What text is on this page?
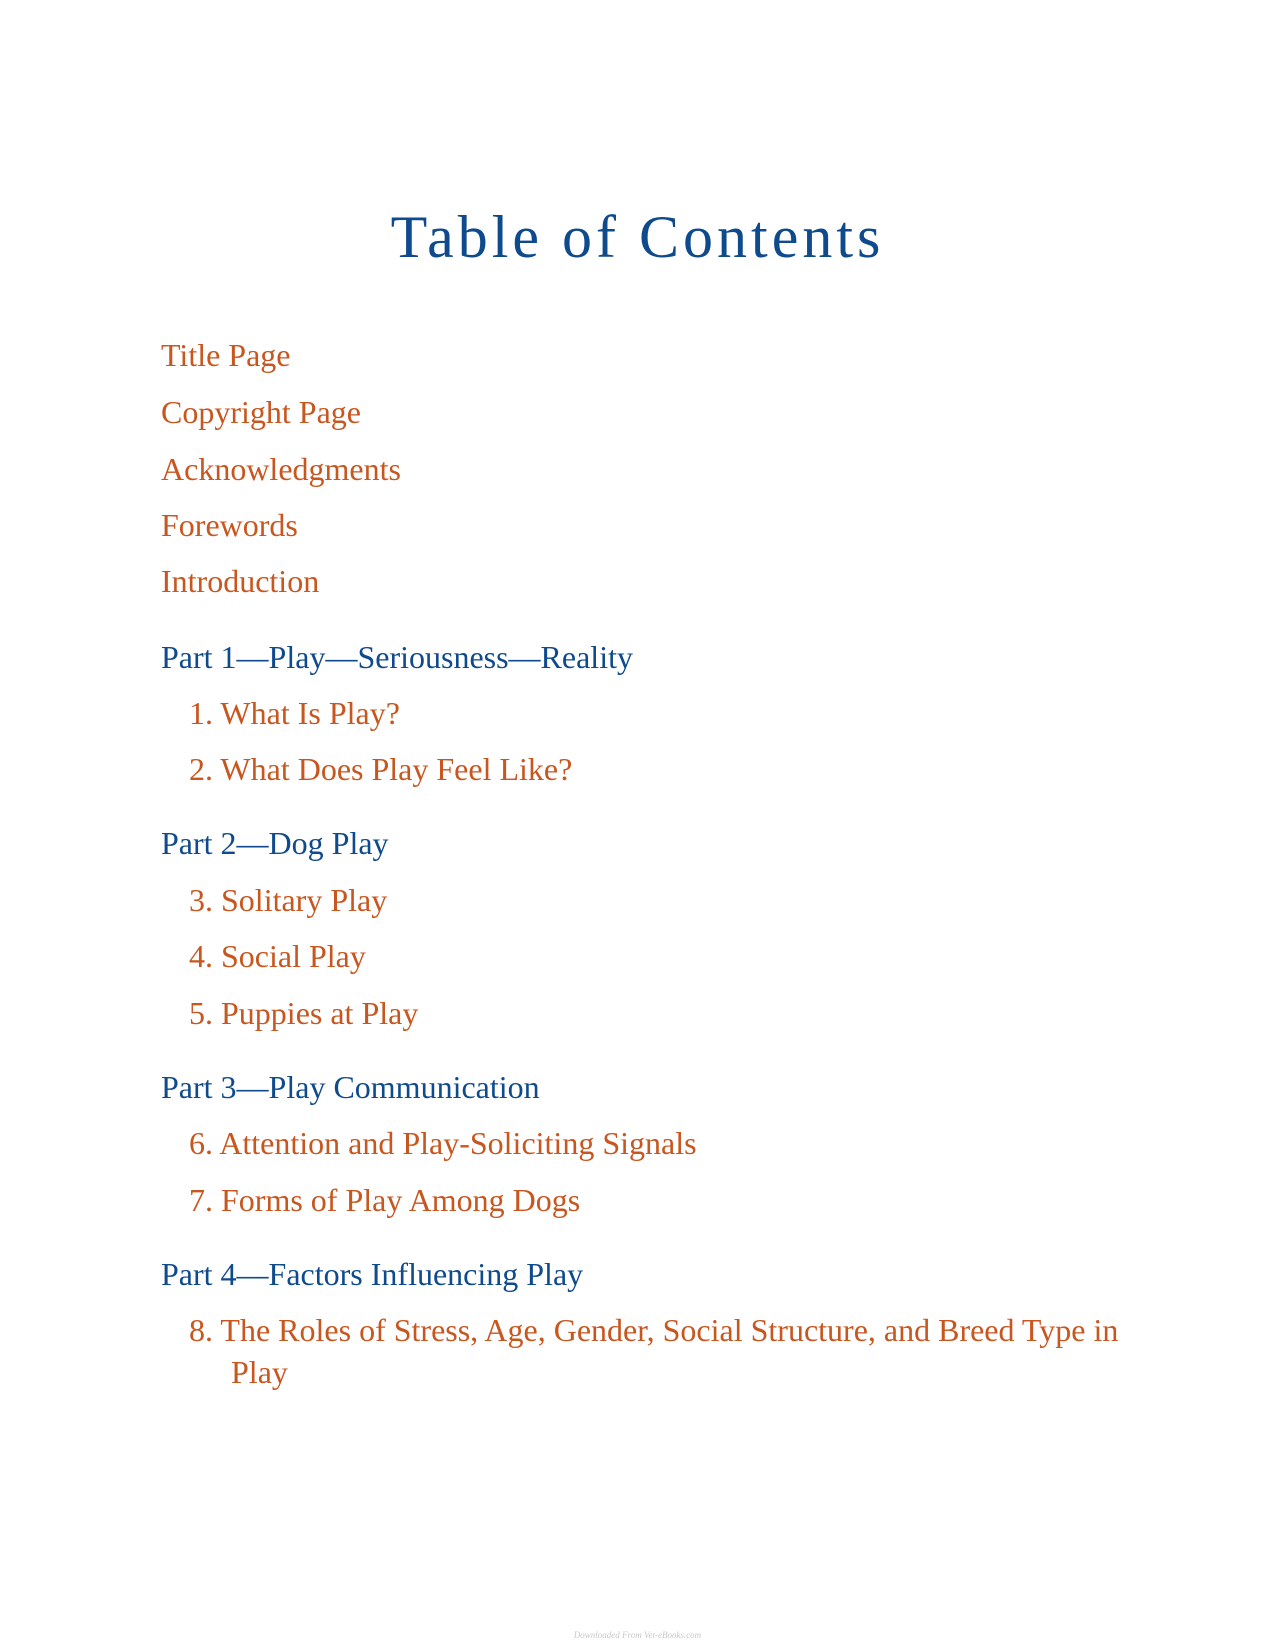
Table of Contents
Title Page
Copyright Page
Acknowledgments
Forewords
Introduction
Part 1—Play—Seriousness—Reality
1. What Is Play?
2. What Does Play Feel Like?
Part 2—Dog Play
3. Solitary Play
4. Social Play
5. Puppies at Play
Part 3—Play Communication
6. Attention and Play-Soliciting Signals
7. Forms of Play Among Dogs
Part 4—Factors Influencing Play
8. The Roles of Stress, Age, Gender, Social Structure, and Breed Type in Play
Downloaded From Vet-eBooks.com
